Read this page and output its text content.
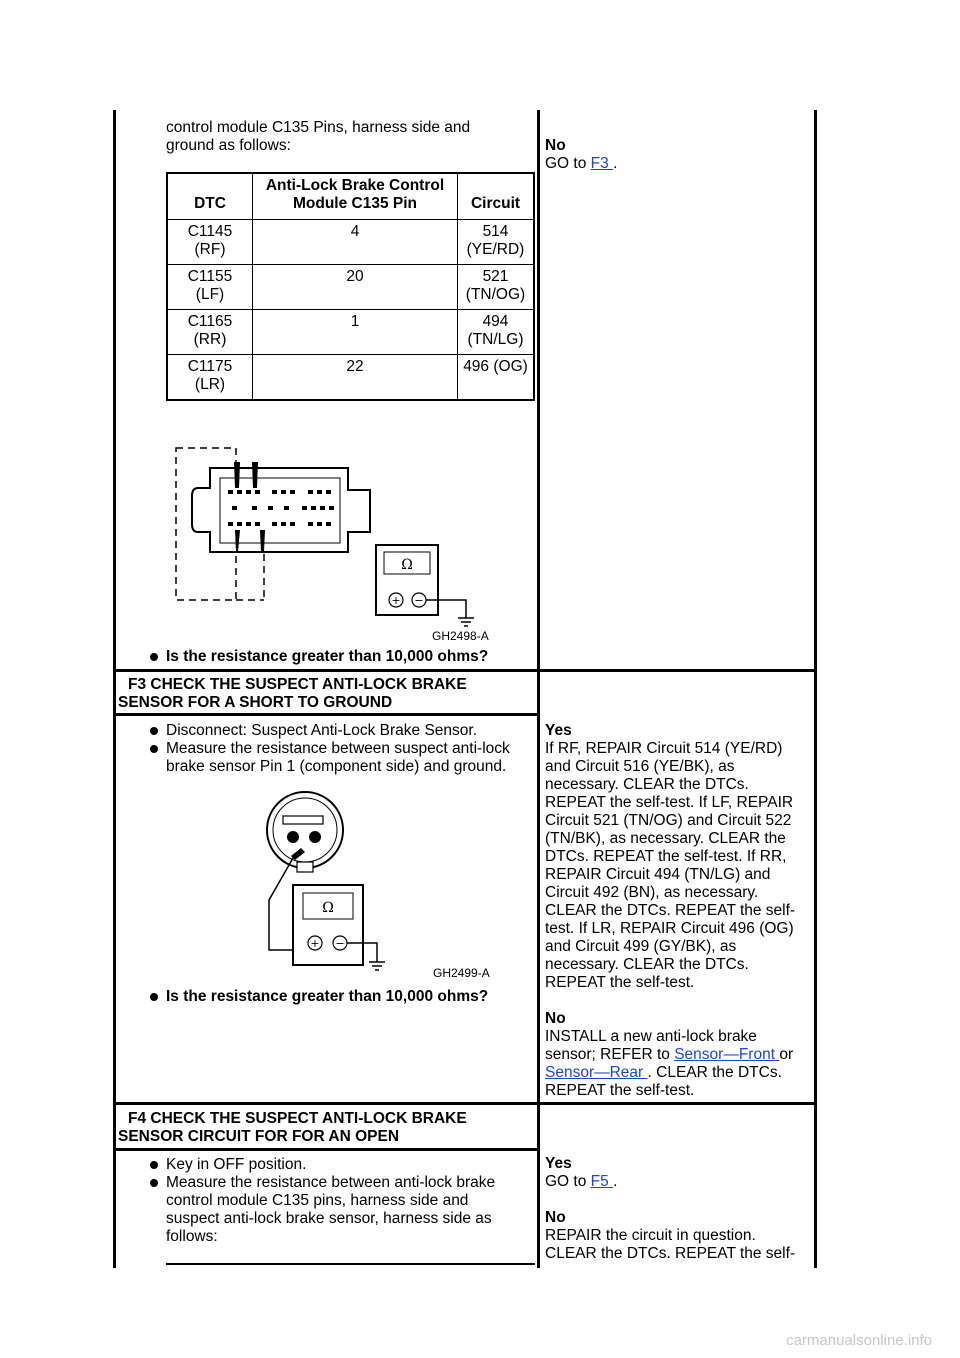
control module C135 Pins, harness side and
ground as follows:	No
GO to F3 .
DTC	Anti-Lock Brake Control Module C135 Pin	Circuit
C1145 (RF)	4	514 (YE/RD)
C1155 (LF)	20	521 (TN/OG)
C1165 (RR)	1	494 (TN/LG)
C1175 (LR)	22	496 (OG)
Ω
+ −
GH2498-A
Is the resistance greater than 10,000 ohms?
F3 CHECK THE SUSPECT ANTI-LOCK BRAKE
SENSOR FOR A SHORT TO GROUND
Disconnect: Suspect Anti-Lock Brake Sensor.
Measure the resistance between suspect anti-lock
brake sensor Pin 1 (component side) and ground.
Ω
+ −
GH2499-A
Is the resistance greater than 10,000 ohms?
Yes
If RF, REPAIR Circuit 514 (YE/RD)
and Circuit 516 (YE/BK), as
necessary. CLEAR the DTCs.
REPEAT the self-test. If LF, REPAIR
Circuit 521 (TN/OG) and Circuit 522
(TN/BK), as necessary. CLEAR the
DTCs. REPEAT the self-test. If RR,
REPAIR Circuit 494 (TN/LG) and
Circuit 492 (BN), as necessary.
CLEAR the DTCs. REPEAT the self-
test. If LR, REPAIR Circuit 496 (OG)
and Circuit 499 (GY/BK), as
necessary. CLEAR the DTCs.
REPEAT the self-test.
No
INSTALL a new anti-lock brake
sensor; REFER to Sensor—Front or
Sensor—Rear . CLEAR the DTCs.
REPEAT the self-test.
F4 CHECK THE SUSPECT ANTI-LOCK BRAKE
SENSOR CIRCUIT FOR FOR AN OPEN
Key in OFF position.
Measure the resistance between anti-lock brake
control module C135 pins, harness side and
suspect anti-lock brake sensor, harness side as
follows:
Yes
GO to F5 .
No
REPAIR the circuit in question.
CLEAR the DTCs. REPEAT the self-
carmanualsonline.info
